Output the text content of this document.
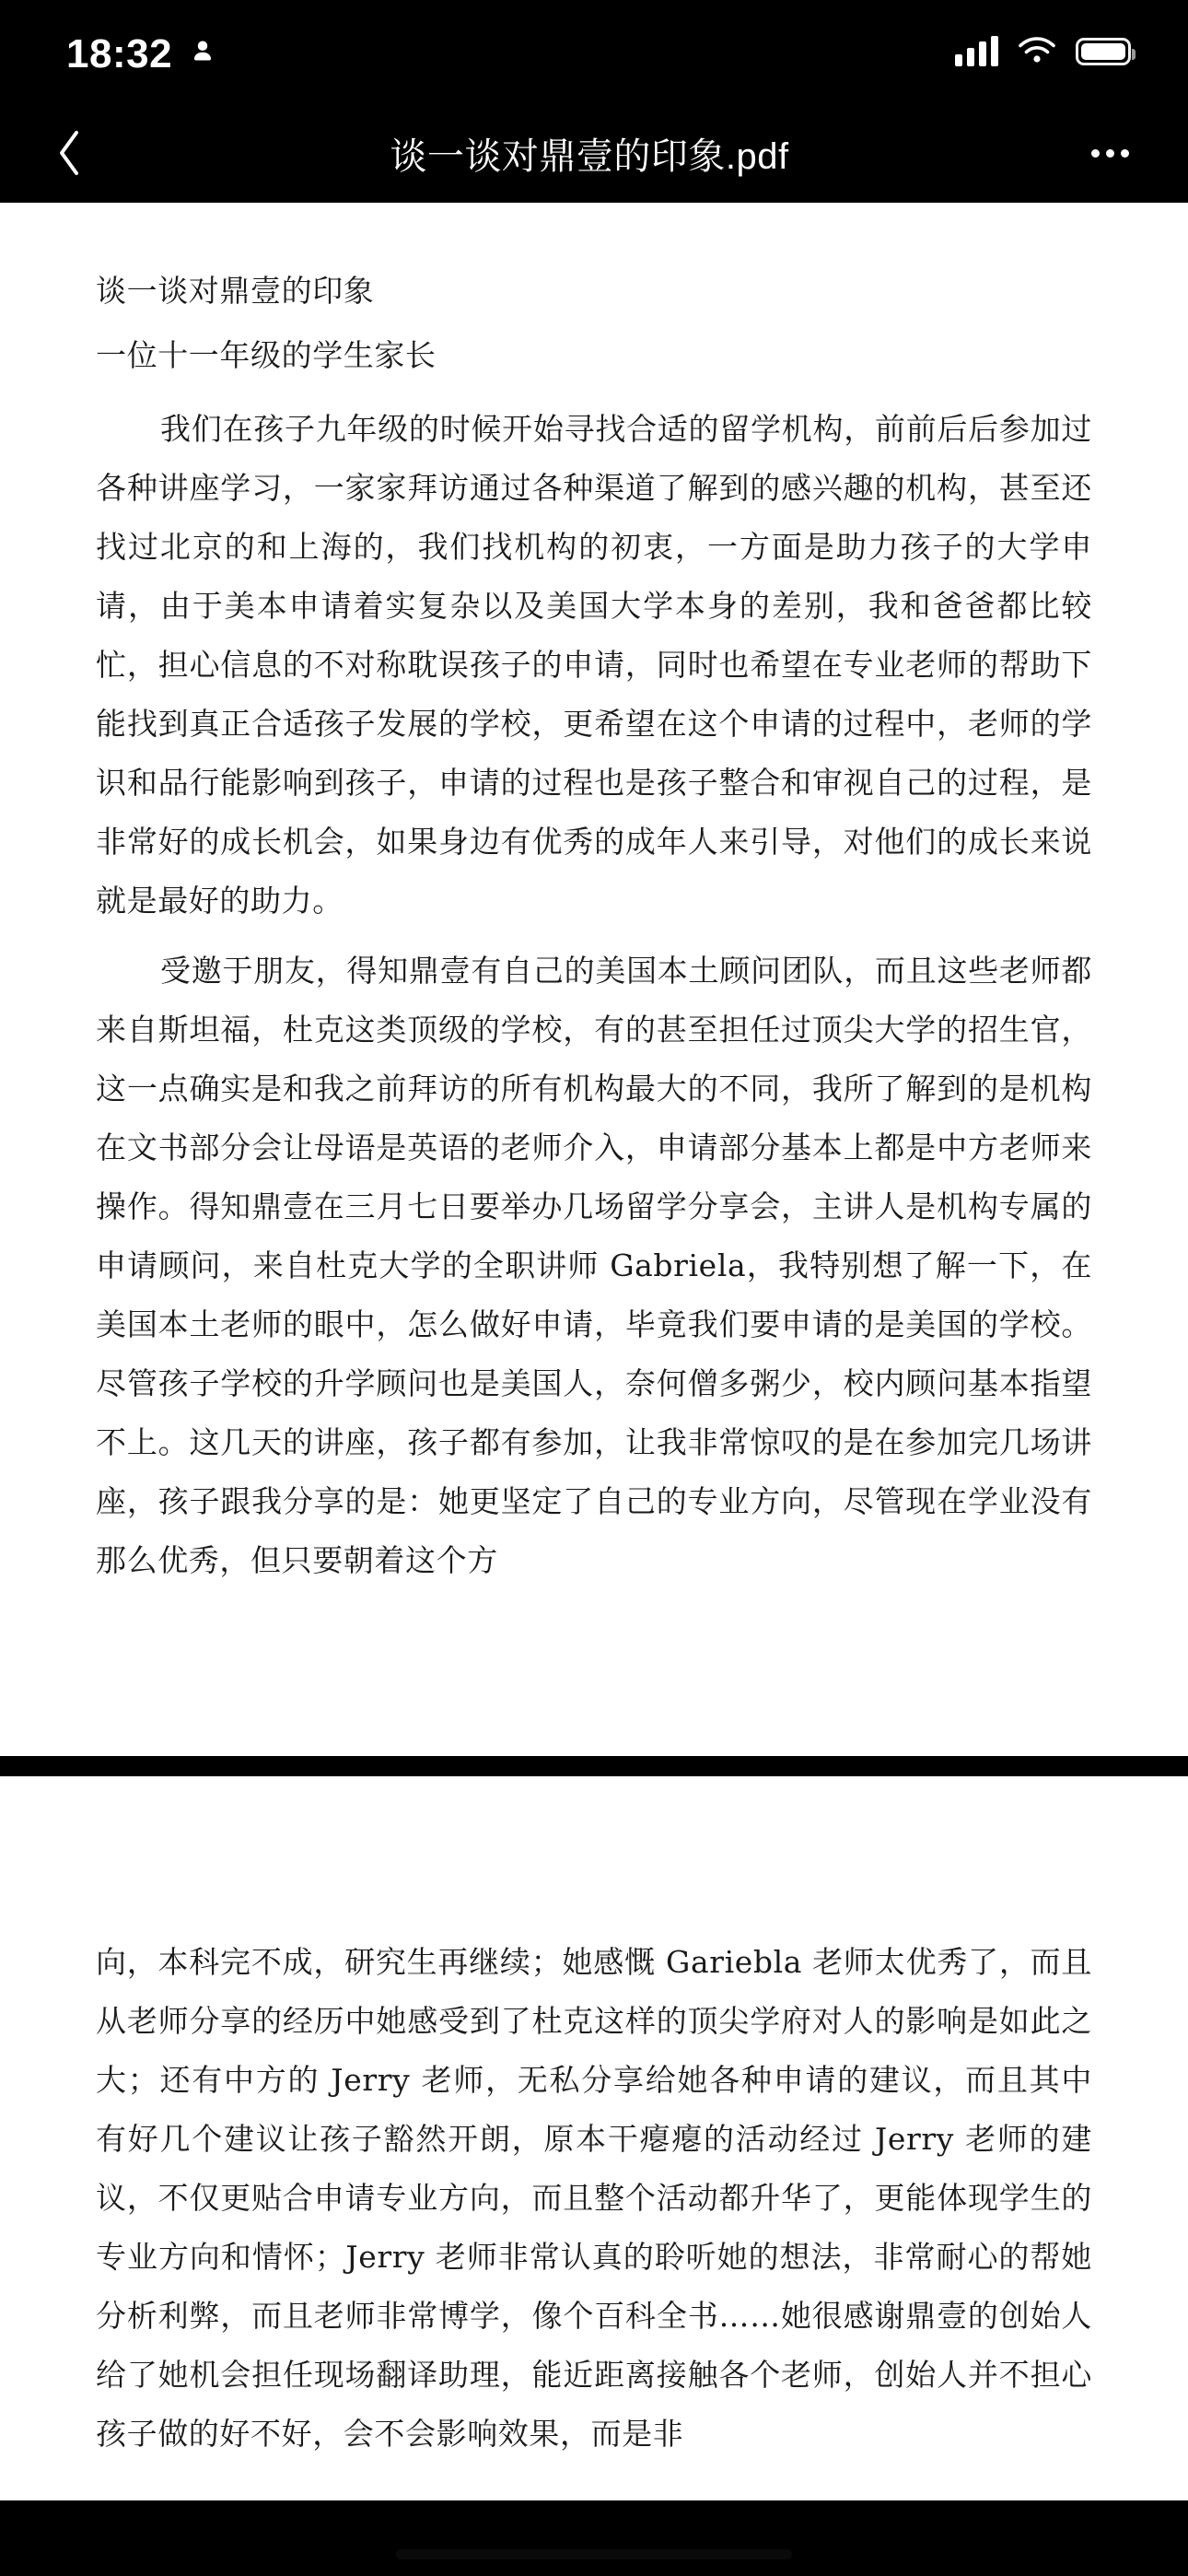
18:32
谈一谈对鼎壹的印象.pdf

谈一谈对鼎壹的印象

一位十一年级的学生家长

我们在孩子九年级的时候开始寻找合适的留学机构，前前后后参加过各种讲座学习，一家家拜访通过各种渠道了解到的感兴趣的机构，甚至还找过北京的和上海的，我们找机构的初衷，一方面是助力孩子的大学申请，由于美本申请着实复杂以及美国大学本身的差别，我和爸爸都比较忙，担心信息的不对称耽误孩子的申请，同时也希望在专业老师的帮助下能找到真正合适孩子发展的学校，更希望在这个申请的过程中，老师的学识和品行能影响到孩子，申请的过程也是孩子整合和审视自己的过程，是非常好的成长机会，如果身边有优秀的成年人来引导，对他们的成长来说就是最好的助力。

受邀于朋友，得知鼎壹有自己的美国本土顾问团队，而且这些老师都来自斯坦福，杜克这类顶级的学校，有的甚至担任过顶尖大学的招生官，这一点确实是和我之前拜访的所有机构最大的不同，我所了解到的是机构在文书部分会让母语是英语的老师介入，申请部分基本上都是中方老师来操作。得知鼎壹在三月七日要举办几场留学分享会，主讲人是机构专属的申请顾问，来自杜克大学的全职讲师 Gabriela，我特别想了解一下，在美国本土老师的眼中，怎么做好申请，毕竟我们要申请的是美国的学校。尽管孩子学校的升学顾问也是美国人，奈何僧多粥少，校内顾问基本指望不上。这几天的讲座，孩子都有参加，让我非常惊叹的是在参加完几场讲座，孩子跟我分享的是：她更坚定了自己的专业方向，尽管现在学业没有那么优秀，但只要朝着这个方

向，本科完不成，研究生再继续；她感慨 Gariebla 老师太优秀了，而且从老师分享的经历中她感受到了杜克这样的顶尖学府对人的影响是如此之大；还有中方的 Jerry 老师，无私分享给她各种申请的建议，而且其中有好几个建议让孩子豁然开朗，原本干瘪瘪的活动经过 Jerry 老师的建议，不仅更贴合申请专业方向，而且整个活动都升华了，更能体现学生的专业方向和情怀；Jerry 老师非常认真的聆听她的想法，非常耐心的帮她分析利弊，而且老师非常博学，像个百科全书……她很感谢鼎壹的创始人给了她机会担任现场翻译助理，能近距离接触各个老师，创始人并不担心孩子做的好不好，会不会影响效果，而是非
